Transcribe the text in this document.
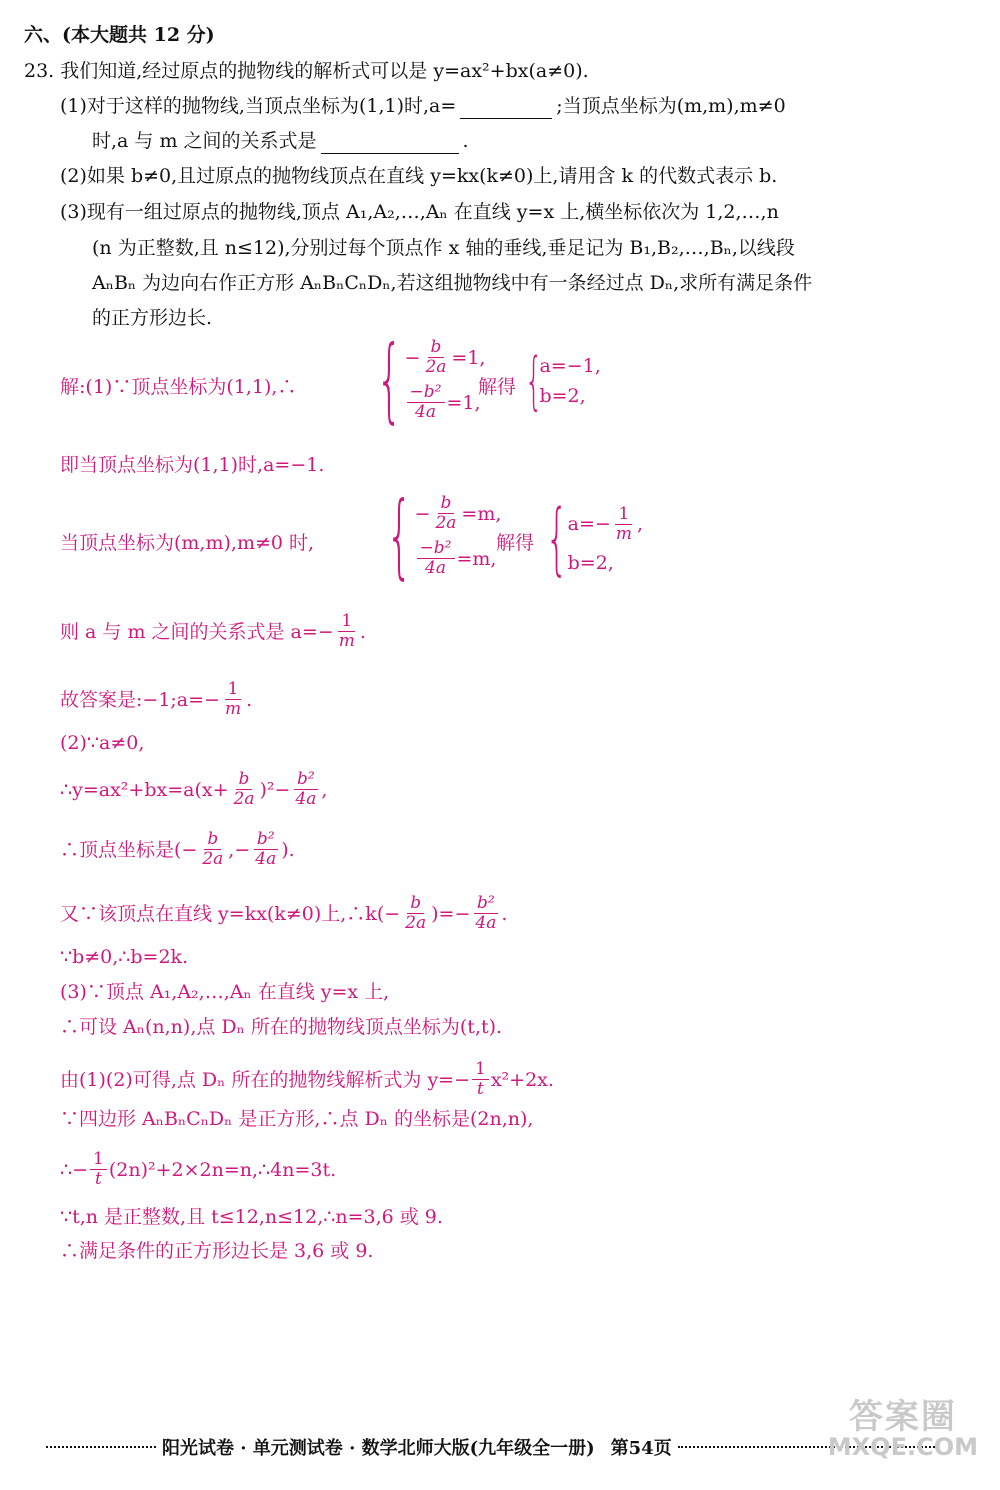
六、(本大题共 12 分)
23. 我们知道,经过原点的抛物线的解析式可以是 y=ax²+bx(a≠0).
(1)对于这样的抛物线,当顶点坐标为(1,1)时,a=	;当顶点坐标为(m,m),m≠0
时,a 与 m 之间的关系式是	.
(2)如果 b≠0,且过原点的抛物线顶点在直线 y=kx(k≠0)上,请用含 k 的代数式表示 b.
(3)现有一组过原点的抛物线,顶点 A₁,A₂,…,Aₙ 在直线 y=x 上,横坐标依次为 1,2,…,n
(n 为正整数,且 n≤12),分别过每个顶点作 x 轴的垂线,垂足记为 B₁,B₂,…,Bₙ,以线段
AₙBₙ 为边向右作正方形 AₙBₙCₙDₙ,若这组抛物线中有一条经过点 Dₙ,求所有满足条件
的正方形边长.
解:(1)∵顶点坐标为(1,1),∴ { − $\frac{b}{2a} =1$,
$\frac{\text{−b²}}{4a} =1$,
解得 {
a=−1,
b=2,
即当顶点坐标为(1,1)时,a=−1.
当顶点坐标为(m,m),m≠0 时, { − $\frac{b}{2a} =m$,
$\frac{\text{−b²}}{4a} =m$,
解得 { $a=- \frac{1}{m}$ ,
b=2,
则 a 与 m 之间的关系式是 $a=- \frac{1}{m}$ .
故答案是:−1;a=− $\frac{1}{m}$ .
(2)∵a≠0,
∴y=ax²+bx=a(x+ $\frac{b}{2a} )^2- \frac{\text{b²}}{4a}$ ,
∴顶点坐标是(− $\frac{b}{2a}$ ,− $\frac{\text{b²}}{4a}$ ).
又∵该顶点在直线 y=kx(k≠0)上,∴k(− $\frac{b}{2a}$ )=− $\frac{\text{b²}}{4a}$ .
∵b≠0,∴b=2k.
(3)∵顶点 A₁,A₂,…,Aₙ 在直线 y=x 上,
∴可设 Aₙ(n,n),点 Dₙ 所在的抛物线顶点坐标为(t,t).
由(1)(2)可得,点 Dₙ 所在的抛物线解析式为 $y=- \frac{1}{t} x^2+2x$.
∵四边形 AₙBₙCₙDₙ 是正方形,∴点 Dₙ 的坐标是(2n,n),
∴− $\frac{1}{t}$ (2n)²+2×2n=n,∴4n=3t.
∵t,n 是正整数,且 t≤12,n≤12,∴n=3,6 或 9.
∴满足条件的正方形边长是 3,6 或 9.
阳光试卷 · 单元测试卷 · 数学北师大版(九年级全一册) 第54页
答案圈
MXQE.COM
